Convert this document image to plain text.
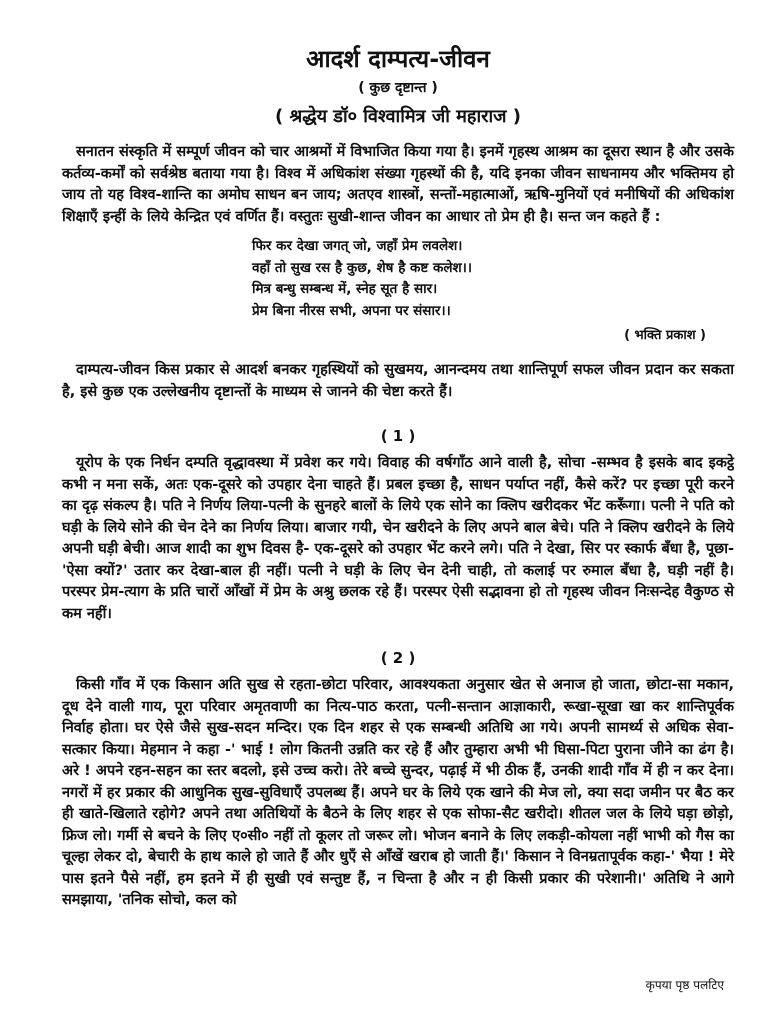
आदर्श दाम्पत्य-जीवन
( कुछ दृष्टान्त )
( श्रद्धेय डॉ० विश्वामित्र जी महाराज )

सनातन संस्कृति में सम्पूर्ण जीवन को चार आश्रमों में विभाजित किया गया है। इनमें गृहस्थ आश्रम का दूसरा स्थान है और उसके कर्तव्य-कर्मों को सर्वश्रेष्ठ बताया गया है। विश्व में अधिकांश संख्या गृहस्थों की है, यदि इनका जीवन साधनामय और भक्तिमय हो जाय तो यह विश्व-शान्ति का अमोघ साधन बन जाय; अतएव शास्त्रों, सन्तों-महात्माओं, ऋषि-मुनियों एवं मनीषियों की अधिकांश शिक्षाएँ इन्हीं के लिये केन्द्रित एवं वर्णित हैं। वस्तुतः सुखी-शान्त जीवन का आधार तो प्रेम ही है। सन्त जन कहते हैं :

फिर कर देखा जगत् जो, जहाँ प्रेम लवलेश।
वहाँ तो सुख रस है कुछ, शेष है कष्ट कलेश।।
मित्र बन्धु सम्बन्ध में, स्नेह सूत है सार।
प्रेम बिना नीरस सभी, अपना पर संसार।।
( भक्ति प्रकाश )

दाम्पत्य-जीवन किस प्रकार से आदर्श बनकर गृहस्थियों को सुखमय, आनन्दमय तथा शान्तिपूर्ण सफल जीवन प्रदान कर सकता है, इसे कुछ एक उल्लेखनीय दृष्टान्तों के माध्यम से जानने की चेष्टा करते हैं।

( 1 )

यूरोप के एक निर्धन दम्पति वृद्धावस्था में प्रवेश कर गये। विवाह की वर्षगाँठ आने वाली है, सोचा -सम्भव है इसके बाद इकट्ठे कभी न मना सकें, अतः एक-दूसरे को उपहार देना चाहते हैं। प्रबल इच्छा है, साधन पर्याप्त नहीं, कैसे करें? पर इच्छा पूरी करने का दृढ़ संकल्प है। पति ने निर्णय लिया-पत्नी के सुनहरे बालों के लिये एक सोने का क्लिप खरीदकर भेंट करूँगा। पत्नी ने पति को घड़ी के लिये सोने की चेन देने का निर्णय लिया। बाजार गयी, चेन खरीदने के लिए अपने बाल बेचे। पति ने क्लिप खरीदने के लिये अपनी घड़ी बेची। आज शादी का शुभ दिवस है- एक-दूसरे को उपहार भेंट करने लगे। पति ने देखा, सिर पर स्कार्फ बँधा है, पूछा-'ऐसा क्यों?' उतार कर देखा-बाल ही नहीं। पत्नी ने घड़ी के लिए चेन देनी चाही, तो कलाई पर रुमाल बँधा है, घड़ी नहीं है। परस्पर प्रेम-त्याग के प्रति चारों आँखों में प्रेम के अश्रु छलक रहे हैं। परस्पर ऐसी सद्भावना हो तो गृहस्थ जीवन निःसन्देह वैकुण्ठ से कम नहीं।

( 2 )

किसी गाँव में एक किसान अति सुख से रहता-छोटा परिवार, आवश्यकता अनुसार खेत से अनाज हो जाता, छोटा-सा मकान, दूध देने वाली गाय, पूरा परिवार अमृतवाणी का नित्य-पाठ करता, पत्नी-सन्तान आज्ञाकारी, रूखा-सूखा खा कर शान्तिपूर्वक निर्वाह होता। घर ऐसे जैसे सुख-सदन मन्दिर। एक दिन शहर से एक सम्बन्धी अतिथि आ गये। अपनी सामर्थ्य से अधिक सेवा-सत्कार किया। मेहमान ने कहा -' भाई ! लोग कितनी उन्नति कर रहे हैं और तुम्हारा अभी भी घिसा-पिटा पुराना जीने का ढंग है। अरे ! अपने रहन-सहन का स्तर बदलो, इसे उच्च करो। तेरे बच्चे सुन्दर, पढ़ाई में भी ठीक हैं, उनकी शादी गाँव में ही न कर देना। नगरों में हर प्रकार की आधुनिक सुख-सुविधाएँ उपलब्ध हैं। अपने घर के लिये एक खाने की मेज लो, क्या सदा जमीन पर बैठ कर ही खाते-खिलाते रहोगे? अपने तथा अतिथियों के बैठने के लिए शहर से एक सोफा-सैट खरीदो। शीतल जल के लिये घड़ा छोड़ो, फ्रिज लो। गर्मी से बचने के लिए ए०सी० नहीं तो कूलर तो जरूर लो। भोजन बनाने के लिए लकड़ी-कोयला नहीं भाभी को गैस का चूल्हा लेकर दो, बेचारी के हाथ काले हो जाते हैं और धुएँ से आँखें खराब हो जाती हैं।' किसान ने विनम्रतापूर्वक कहा-' भैया ! मेरे पास इतने पैसे नहीं, हम इतने में ही सुखी एवं सन्तुष्ट हैं, न चिन्ता है और न ही किसी प्रकार की परेशानी।' अतिथि ने आगे समझाया, 'तनिक सोचो, कल को

कृपया पृष्ठ पलटिए
